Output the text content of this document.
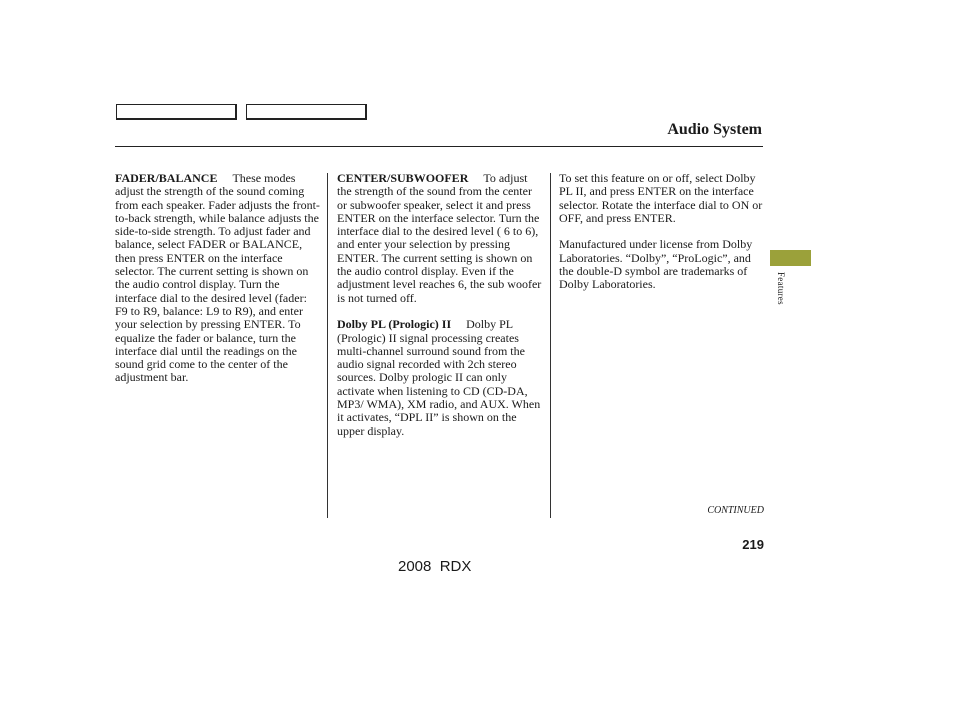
Audio System

FADER/BALANCE These modes adjust the strength of the sound coming from each speaker. Fader adjusts the front-to-back strength, while balance adjusts the side-to-side strength. To adjust fader and balance, select FADER or BALANCE, then press ENTER on the interface selector. The current setting is shown on the audio control display. Turn the interface dial to the desired level (fader: F9 to R9, balance: L9 to R9), and enter your selection by pressing ENTER. To equalize the fader or balance, turn the interface dial until the readings on the sound grid come to the center of the adjustment bar.

CENTER/SUBWOOFER To adjust the strength of the sound from the center or subwoofer speaker, select it and press ENTER on the interface selector. Turn the interface dial to the desired level ( 6 to 6), and enter your selection by pressing ENTER. The current setting is shown on the audio control display. Even if the adjustment level reaches 6, the sub woofer is not turned off.

Dolby PL (Prologic) II Dolby PL (Prologic) II signal processing creates multi-channel surround sound from the audio signal recorded with 2ch stereo sources. Dolby prologic II can only activate when listening to CD (CD-DA, MP3/ WMA), XM radio, and AUX. When it activates, “DPL II” is shown on the upper display.

To set this feature on or off, select Dolby PL II, and press ENTER on the interface selector. Rotate the interface dial to ON or OFF, and press ENTER.

Manufactured under license from Dolby Laboratories. “Dolby”, “ProLogic”, and the double-D symbol are trademarks of Dolby Laboratories.	Features
CONTINUED
219
2008  RDX
